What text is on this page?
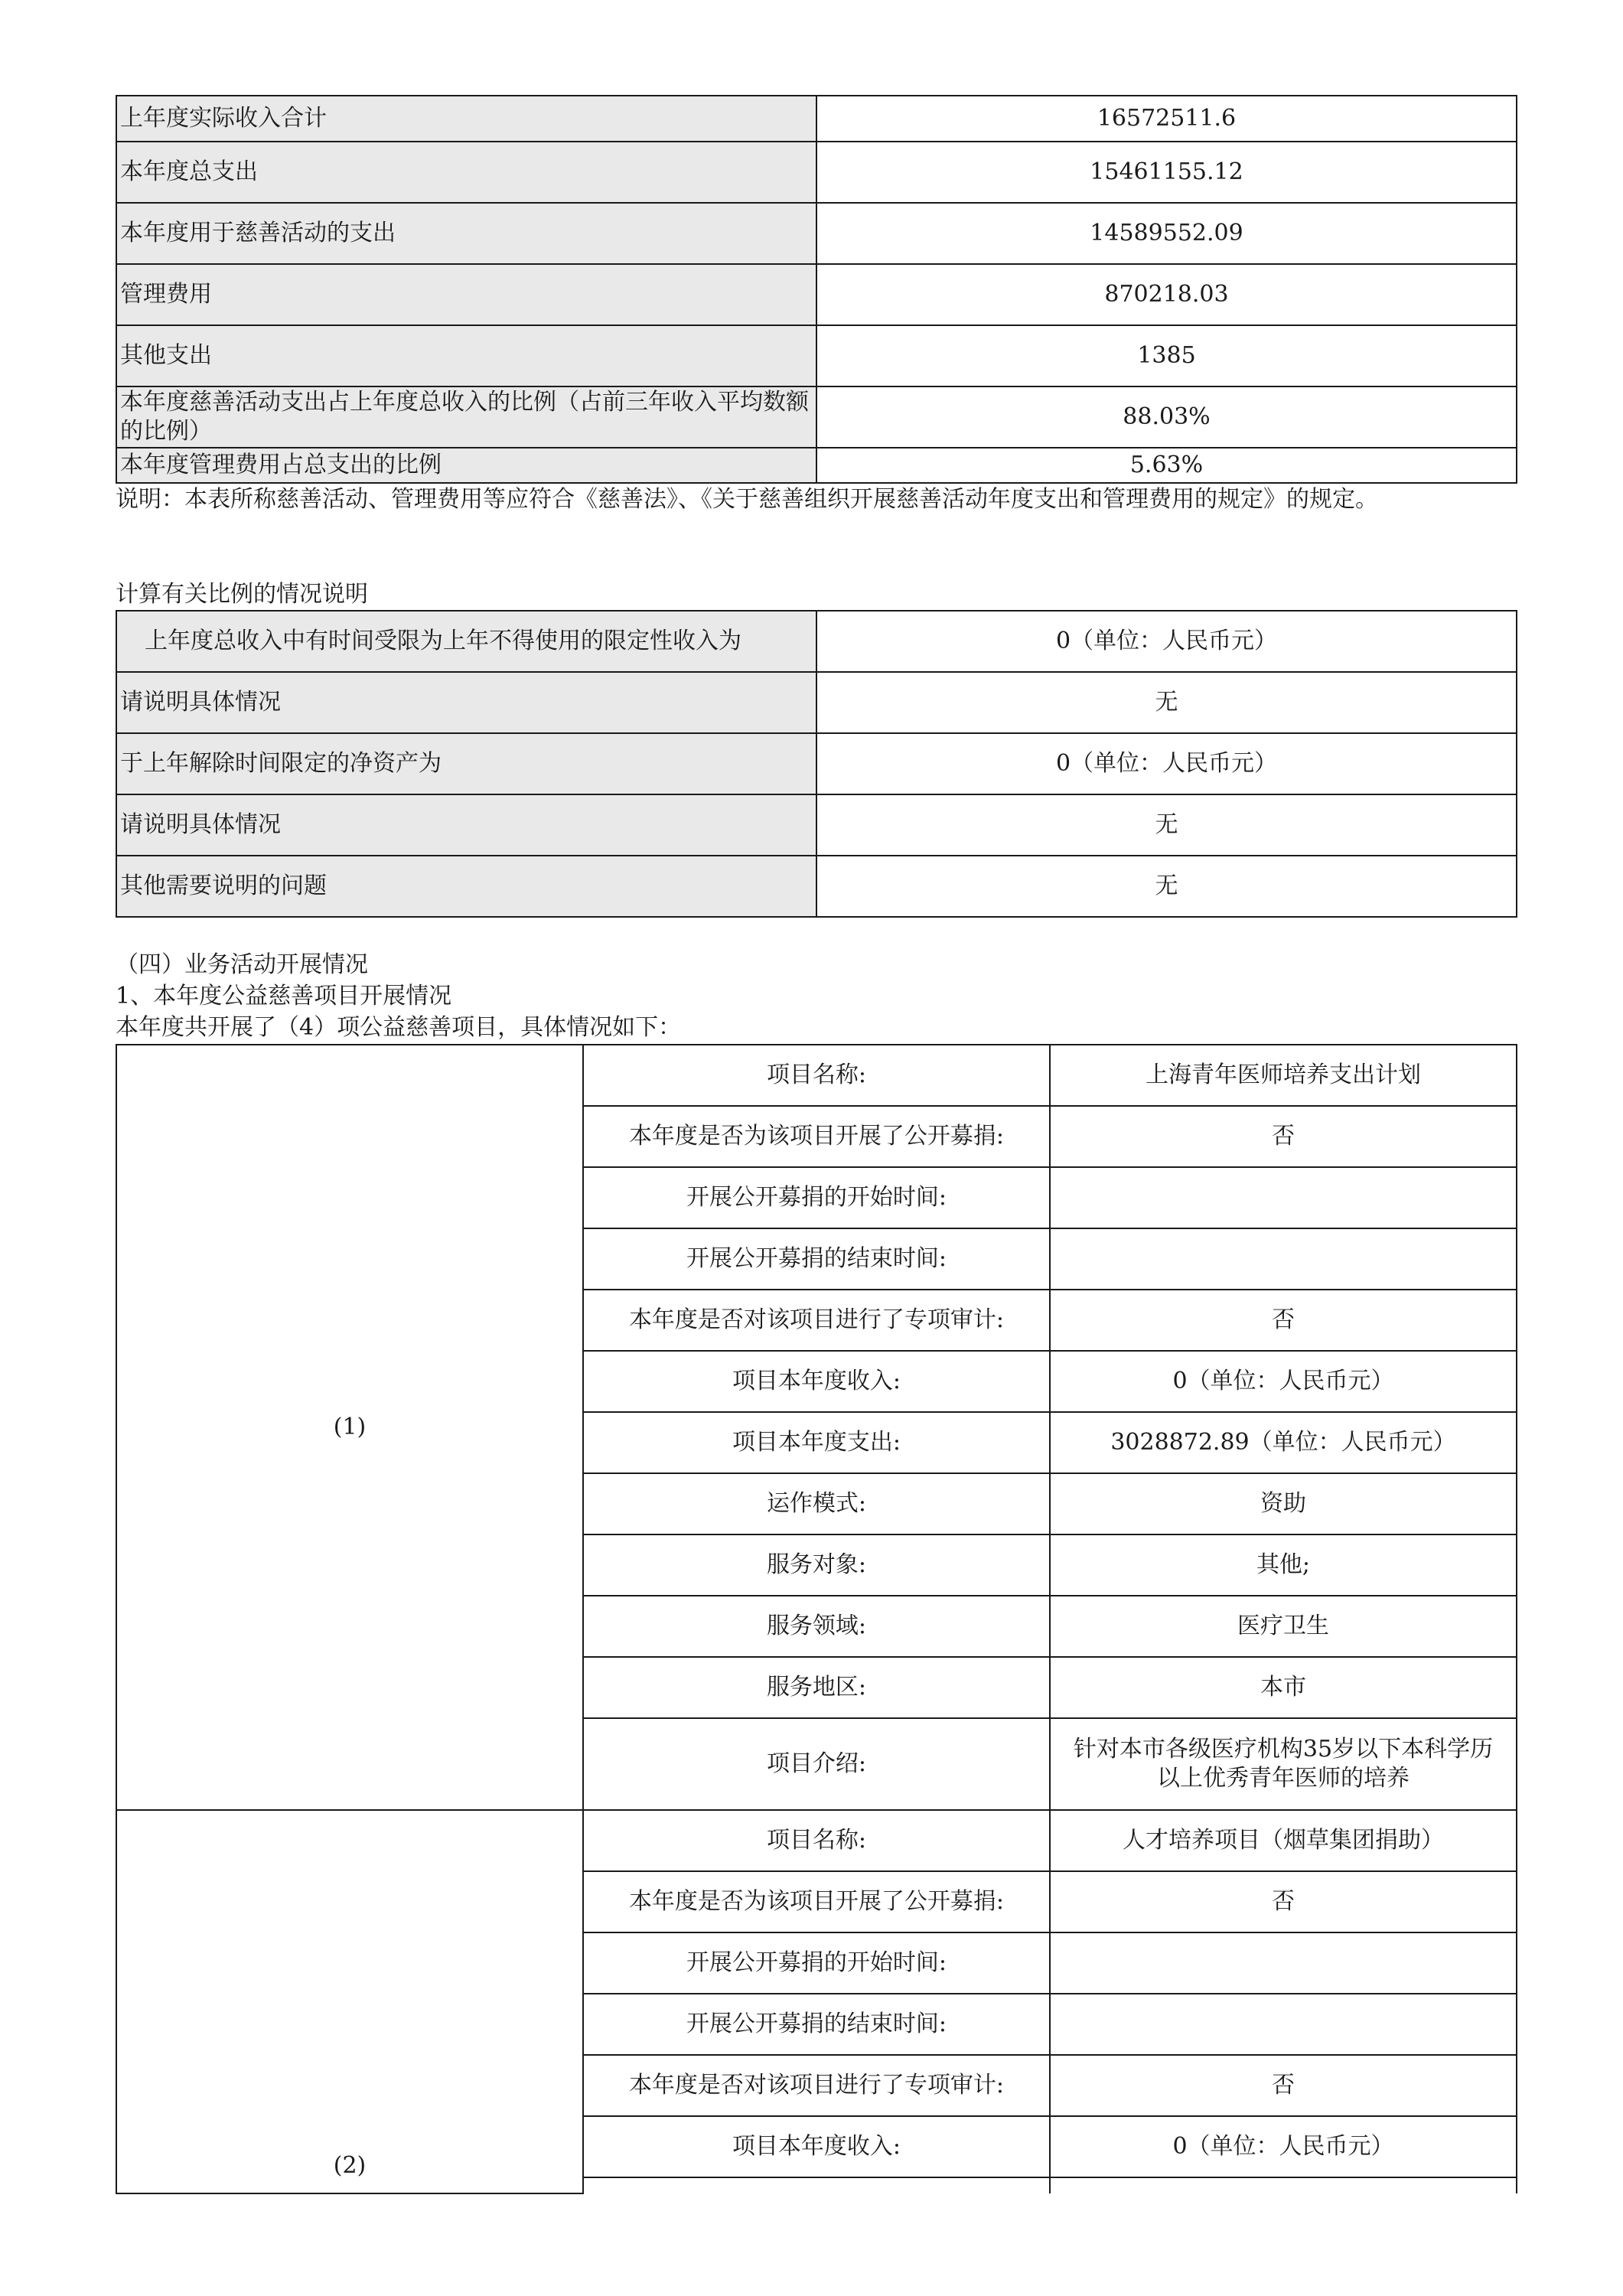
上年度实际收入合计	16572511.6
本年度总支出	15461155.12
本年度用于慈善活动的支出	14589552.09
管理费用	870218.03
其他支出	1385
本年度慈善活动支出占上年度总收入的比例（占前三年收入平均数额的比例）	88.03%
本年度管理费用占总支出的比例	5.63%
说明：本表所称慈善活动、管理费用等应符合《慈善法》、《关于慈善组织开展慈善活动年度支出和管理费用的规定》的规定。
计算有关比例的情况说明
上年度总收入中有时间受限为上年不得使用的限定性收入为	0（单位：人民币元）
请说明具体情况	无
于上年解除时间限定的净资产为	0（单位：人民币元）
请说明具体情况	无
其他需要说明的问题	无
（四）业务活动开展情况
1、本年度公益慈善项目开展情况
本年度共开展了（4）项公益慈善项目，具体情况如下：
(1)	项目名称:	上海青年医师培养支出计划
	本年度是否为该项目开展了公开募捐:	否
	开展公开募捐的开始时间:	
	开展公开募捐的结束时间:	
	本年度是否对该项目进行了专项审计:	否
	项目本年度收入:	0（单位：人民币元）
	项目本年度支出:	3028872.89（单位：人民币元）
	运作模式:	资助
	服务对象:	其他;
	服务领域:	医疗卫生
	服务地区:	本市
	项目介绍:	针对本市各级医疗机构35岁以下本科学历以上优秀青年医师的培养
(2)	项目名称:	人才培养项目（烟草集团捐助）
	本年度是否为该项目开展了公开募捐:	否
	开展公开募捐的开始时间:	
	开展公开募捐的结束时间:	
	本年度是否对该项目进行了专项审计:	否
	项目本年度收入:	0（单位：人民币元）
